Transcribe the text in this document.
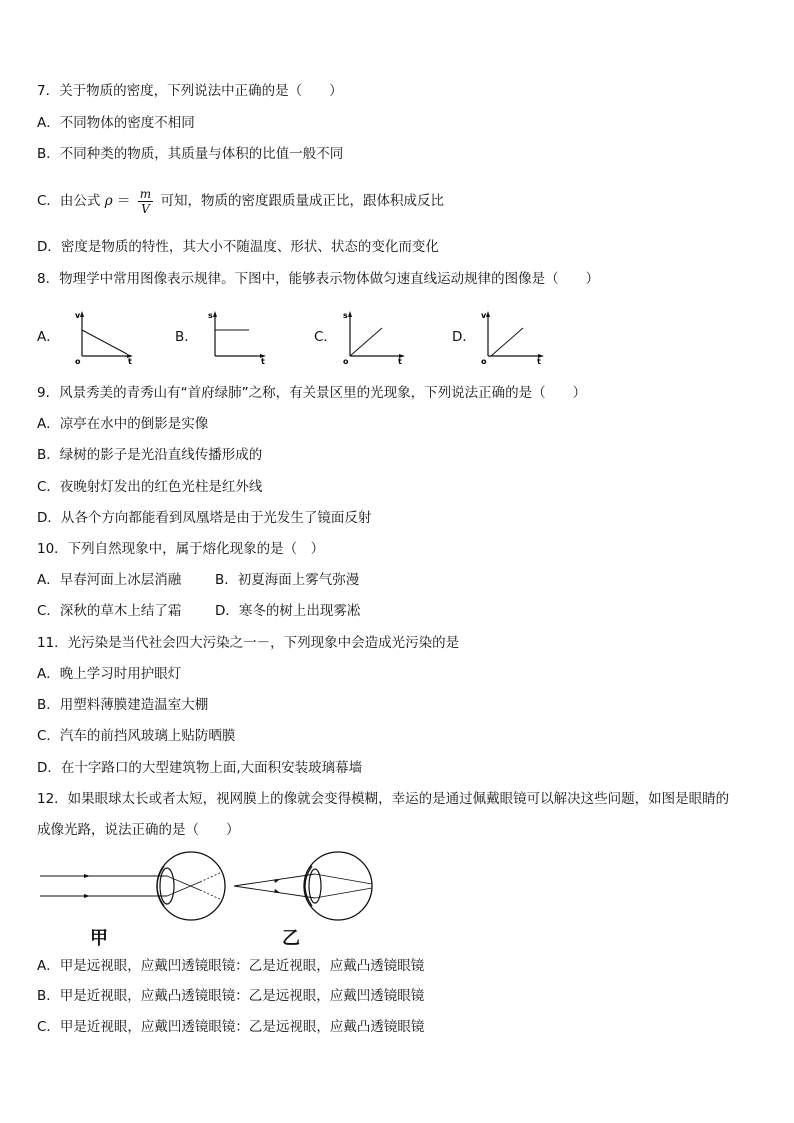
7．关于物质的密度，下列说法中正确的是（　　）
A．不同物体的密度不相同
B．不同种类的物质，其质量与体积的比值一般不同
C．由公式 $\rho = \frac{m}{V}$ 可知，物质的密度跟质量成正比，跟体积成反比
D．密度是物质的特性，其大小不随温度、形状、状态的变化而变化
8．物理学中常用图像表示规律。下图中，能够表示物体做匀速直线运动规律的图像是（　　）
A．
v
t
o
B．
s
t
C．
s
t
o
D．
v
t
o
9．风景秀美的青秀山有“首府绿肺”之称，有关景区里的光现象，下列说法正确的是（　　）
A．凉亭在水中的倒影是实像
B．绿树的影子是光沿直线传播形成的
C．夜晚射灯发出的红色光柱是红外线
D．从各个方向都能看到凤凰塔是由于光发生了镜面反射
10．下列自然现象中，属于熔化现象的是（　）
A．早春河面上冰层消融	B．初夏海面上雾气弥漫
C．深秋的草木上结了霜 D．寒冬的树上出现雾凇
11．光污染是当代社会四大污染之一－，下列现象中会造成光污染的是
A．晚上学习时用护眼灯
B．用塑料薄膜建造温室大棚
C．汽车的前挡风玻璃上贴防晒膜
D．在十字路口的大型建筑物上面,大面积安装玻璃幕墙
12．如果眼球太长或者太短，视网膜上的像就会变得模糊，幸运的是通过佩戴眼镜可以解决这些问题，如图是眼睛的
成像光路，说法正确的是（　　）
甲	乙
A．甲是远视眼，应戴凹透镜眼镜：乙是近视眼，应戴凸透镜眼镜
B．甲是近视眼，应戴凸透镜眼镜：乙是远视眼，应戴凹透镜眼镜
C．甲是近视眼，应戴凹透镜眼镜：乙是远视眼，应戴凸透镜眼镜
